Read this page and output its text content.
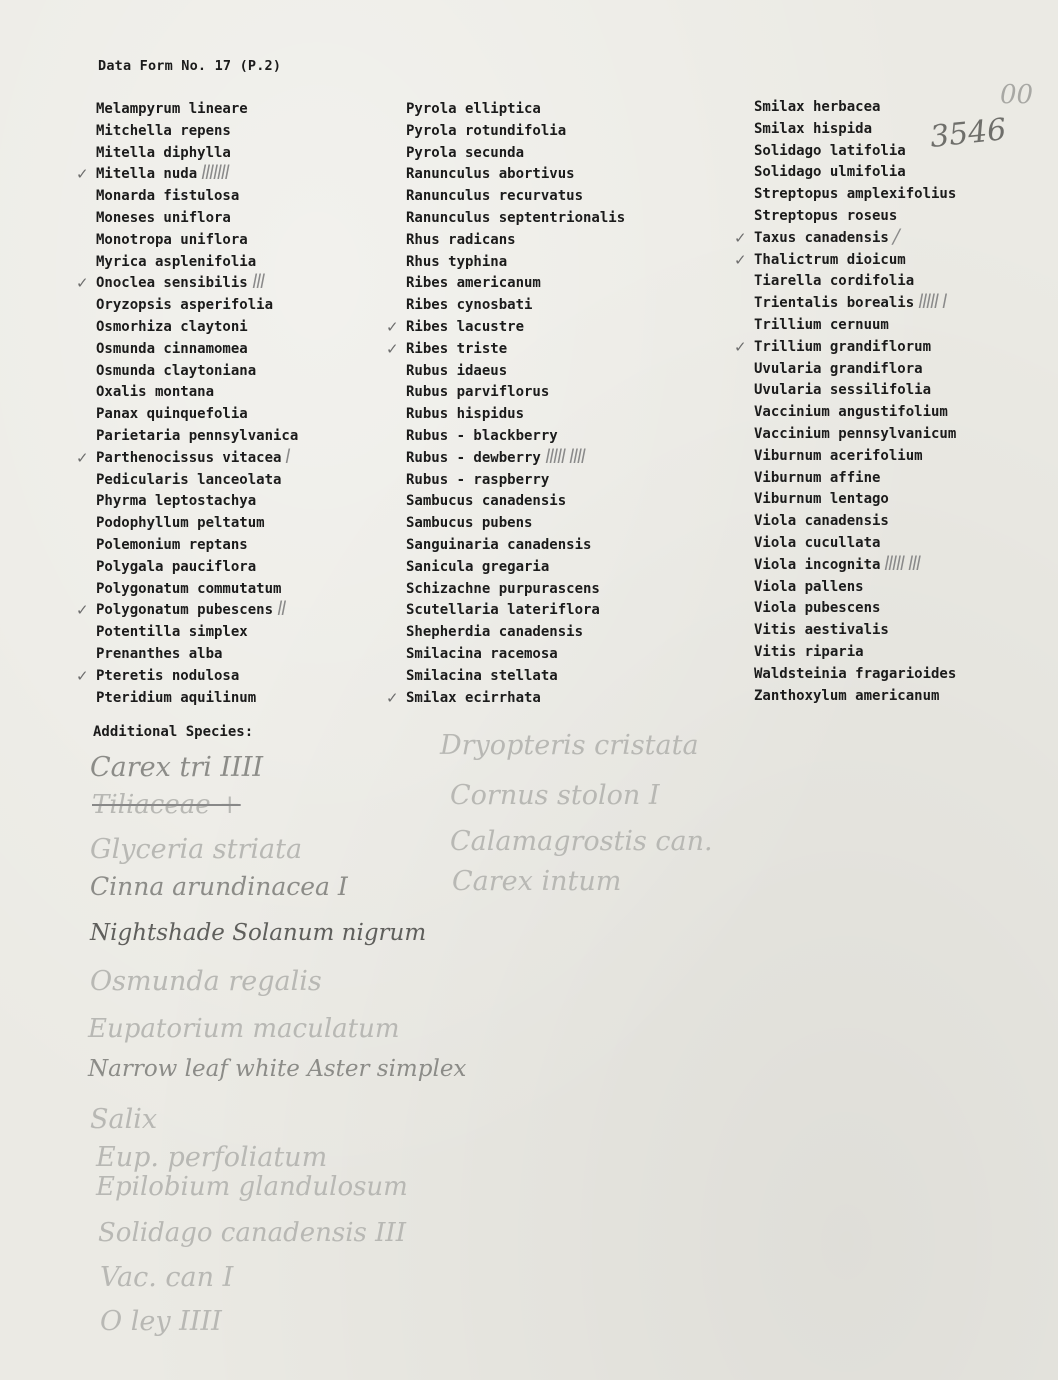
00
3546
Data Form No. 17 (P.2)
Melampyrum lineare
Mitchella repens
Mitella diphylla
✓ Mitella nuda ǀǀǀǀǀǀǀ
Monarda fistulosa
Moneses uniflora
Monotropa uniflora
Myrica asplenifolia
✓ Onoclea sensibilis ǀǀǀ
Oryzopsis asperifolia
Osmorhiza claytoni
Osmunda cinnamomea
Osmunda claytoniana
Oxalis montana
Panax quinquefolia
Parietaria pennsylvanica
✓ Parthenocissus vitacea ǀ
Pedicularis lanceolata
Phyrma leptostachya
Podophyllum peltatum
Polemonium reptans
Polygala pauciflora
Polygonatum commutatum
✓ Polygonatum pubescens ǀǀ
Potentilla simplex
Prenanthes alba
✓ Pteretis nodulosa
Pteridium aquilinum
Pyrola elliptica
Pyrola rotundifolia
Pyrola secunda
Ranunculus abortivus
Ranunculus recurvatus
Ranunculus septentrionalis
Rhus radicans
Rhus typhina
Ribes americanum
Ribes cynosbati
✓ Ribes lacustre
✓ Ribes triste
Rubus idaeus
Rubus parviflorus
Rubus hispidus
Rubus - blackberry
Rubus - dewberry ǀǀǀǀǀ ǀǀǀǀ
Rubus - raspberry
Sambucus canadensis
Sambucus pubens
Sanguinaria canadensis
Sanicula gregaria
Schizachne purpurascens
Scutellaria lateriflora
Shepherdia canadensis
Smilacina racemosa
Smilacina stellata
✓ Smilax ecirrhata
Smilax herbacea
Smilax hispida
Solidago latifolia
Solidago ulmifolia
Streptopus amplexifolius
Streptopus roseus
✓ Taxus canadensis /
✓ Thalictrum dioicum
Tiarella cordifolia
Trientalis borealis ǀǀǀǀǀ ǀ
Trillium cernuum
✓ Trillium grandiflorum
Uvularia grandiflora
Uvularia sessilifolia
Vaccinium angustifolium
Vaccinium pennsylvanicum
Viburnum acerifolium
Viburnum affine
Viburnum lentago
Viola canadensis
Viola cucullata
Viola incognita ǀǀǀǀǀ ǀǀǀ
Viola pallens
Viola pubescens
Vitis aestivalis
Vitis riparia
Waldsteinia fragarioides
Zanthoxylum americanum
Additional Species:
Carex tri IIII
Tiliaceae +
Glyceria striata
Cinna arundinacea I
Nightshade Solanum nigrum
Osmunda regalis
Eupatorium maculatum
Narrow leaf white Aster simplex
Salix
Eup. perfoliatum
Epilobium glandulosum
Solidago canadensis III
Vac. can I
O ley IIII
Dryopteris cristata
Cornus stolon I
Calamagrostis can.
Carex intum
